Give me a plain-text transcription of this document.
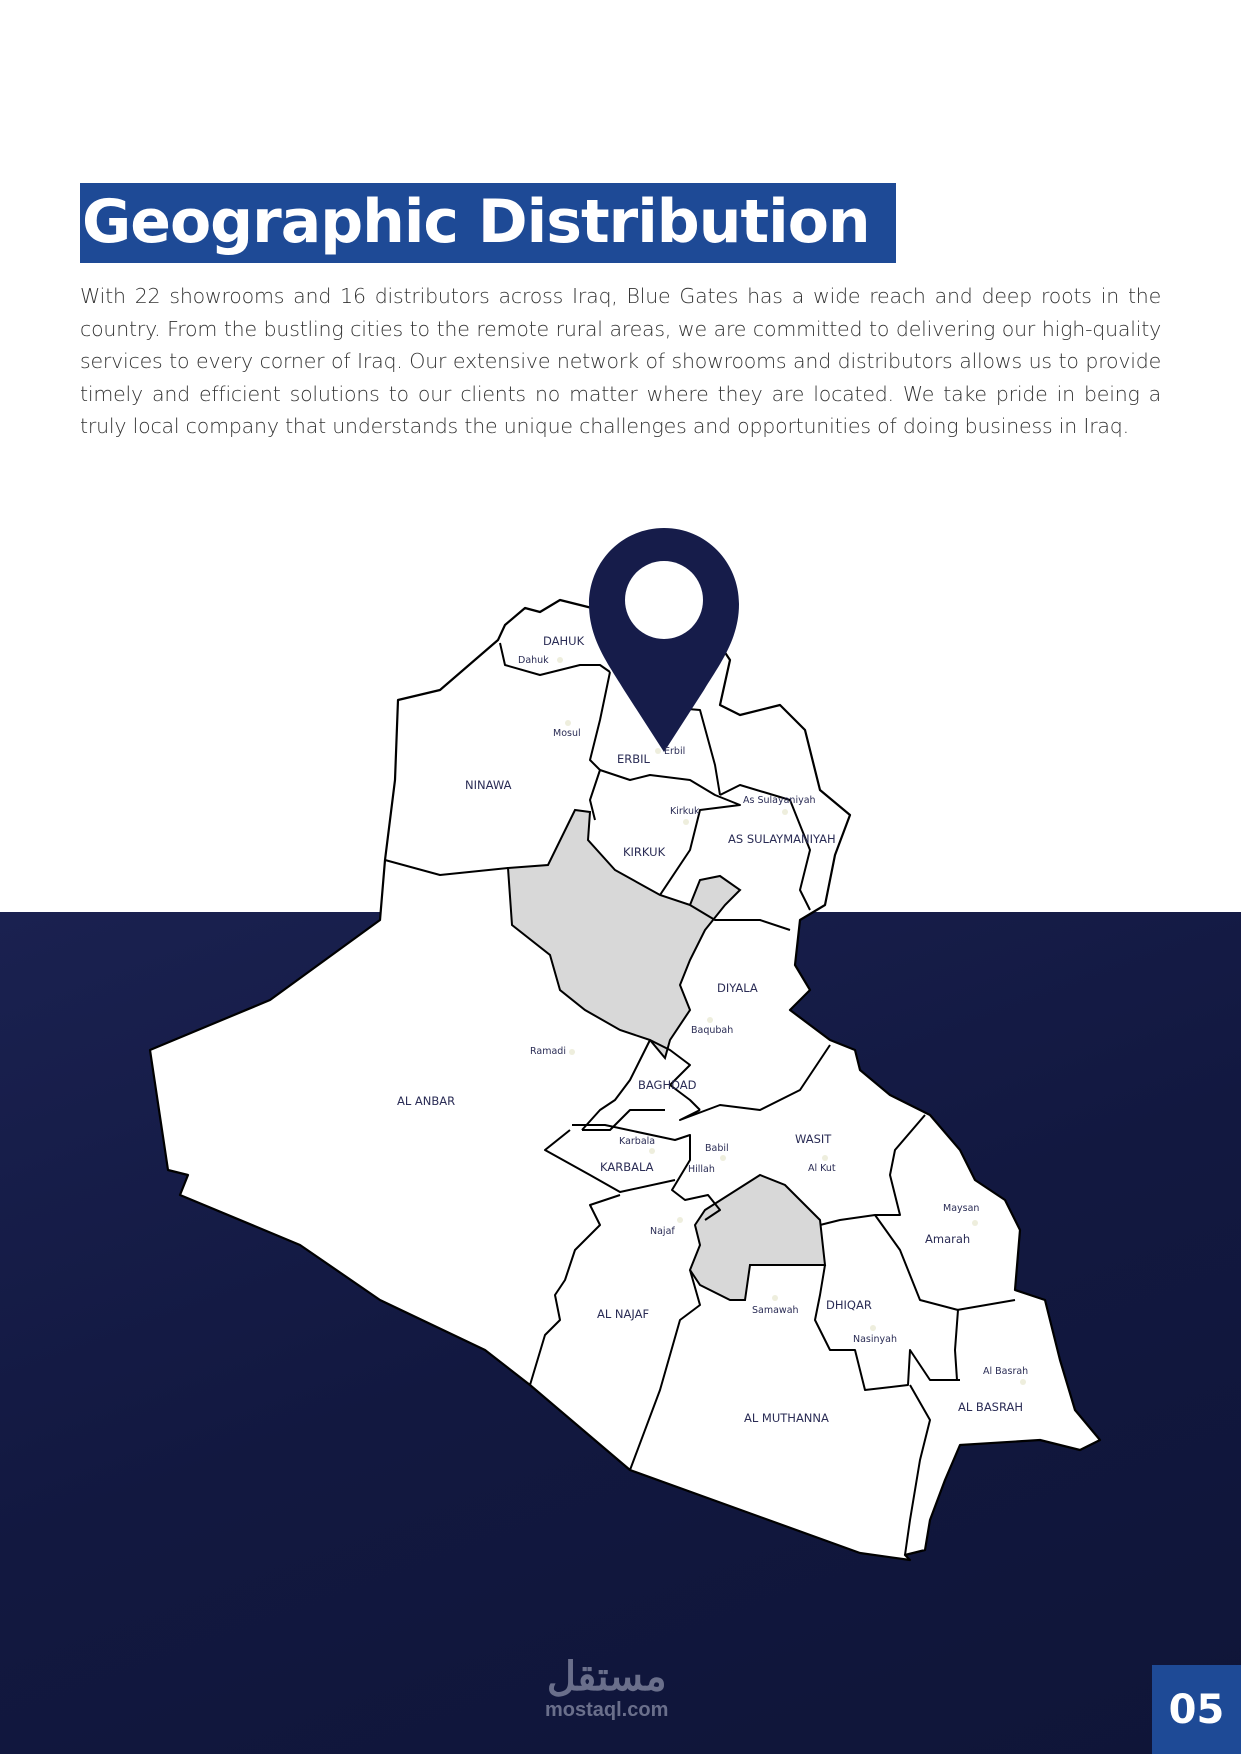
Geographic Distribution
With 22 showrooms and 16 distributors across Iraq, Blue Gates has a wide reach and deep roots in the country. From the bustling cities to the remote rural areas, we are committed to delivering our high-quality services to every corner of Iraq. Our extensive network of showrooms and distributors allows us to provide timely and efficient solutions to our clients no matter where they are located. We take pride in being a truly local company that understands the unique challenges and opportunities of doing business in Iraq.
DAHUK
NINAWA
ERBIL
KIRKUK
AS SULAYMANIYAH
DIYALA
BAGHDAD
AL ANBAR
KARBALA
WASIT
AL NAJAF
DHIQAR
AL MUTHANNA
AL BASRAH
Dahuk
Mosul
Erbil
Kirkuk
As Sulayaniyah
Baqubah
Ramadi
Karbala
Babil
Hillah	Al Kut
Najaf
Maysan
Amarah
Samawah
Nasinyah
Al Basrah
مستقل
mostaql.com	05
